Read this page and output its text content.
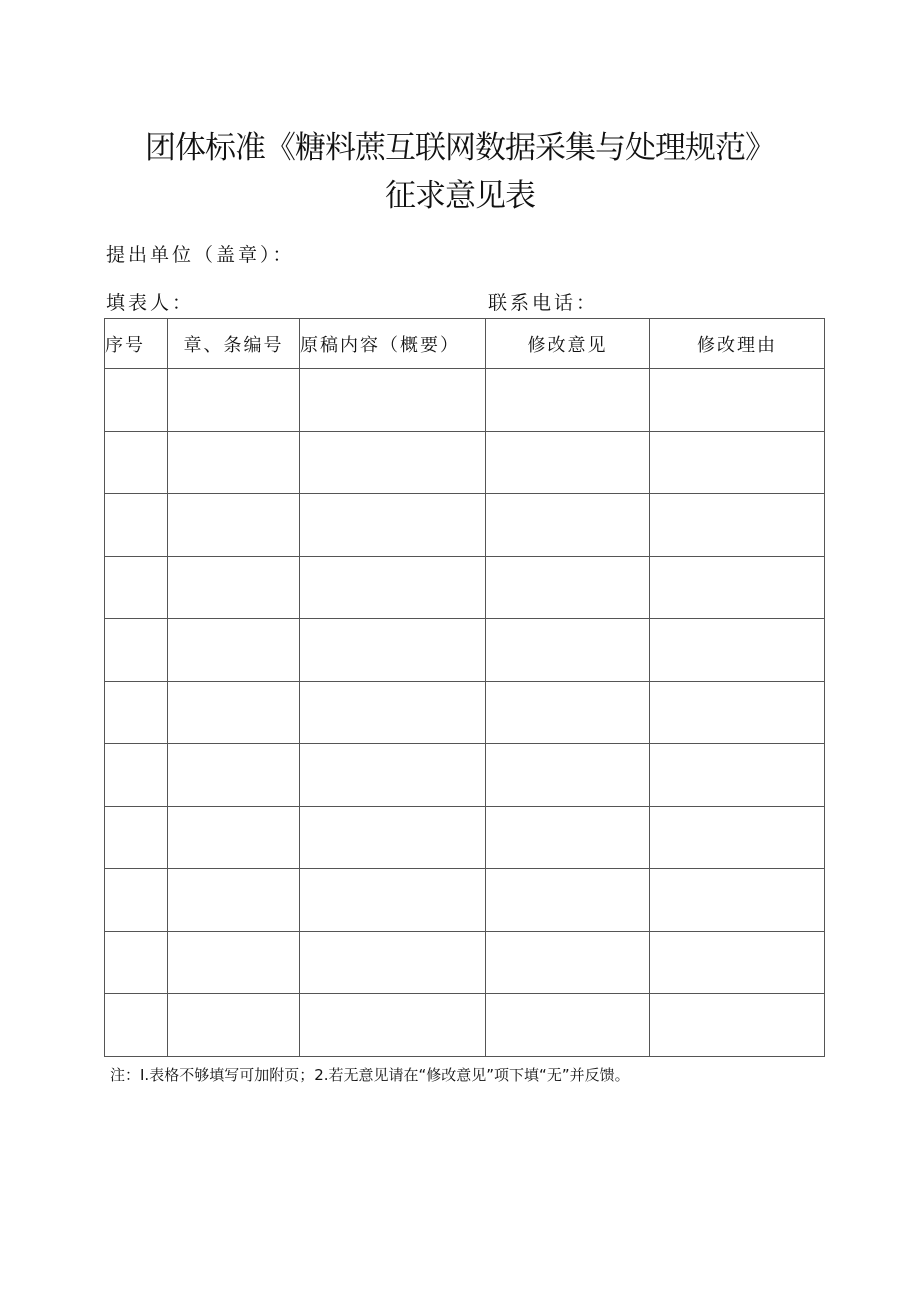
团体标准《糖料蔗互联网数据采集与处理规范》
征求意见表
提出单位（盖章）：
填表人：	联系电话：
序号	章、条编号	原稿内容（概要）	修改意见	修改理由

注：I.表格不够填写可加附页；2.若无意见请在“修改意见”项下填“无”并反馈。
